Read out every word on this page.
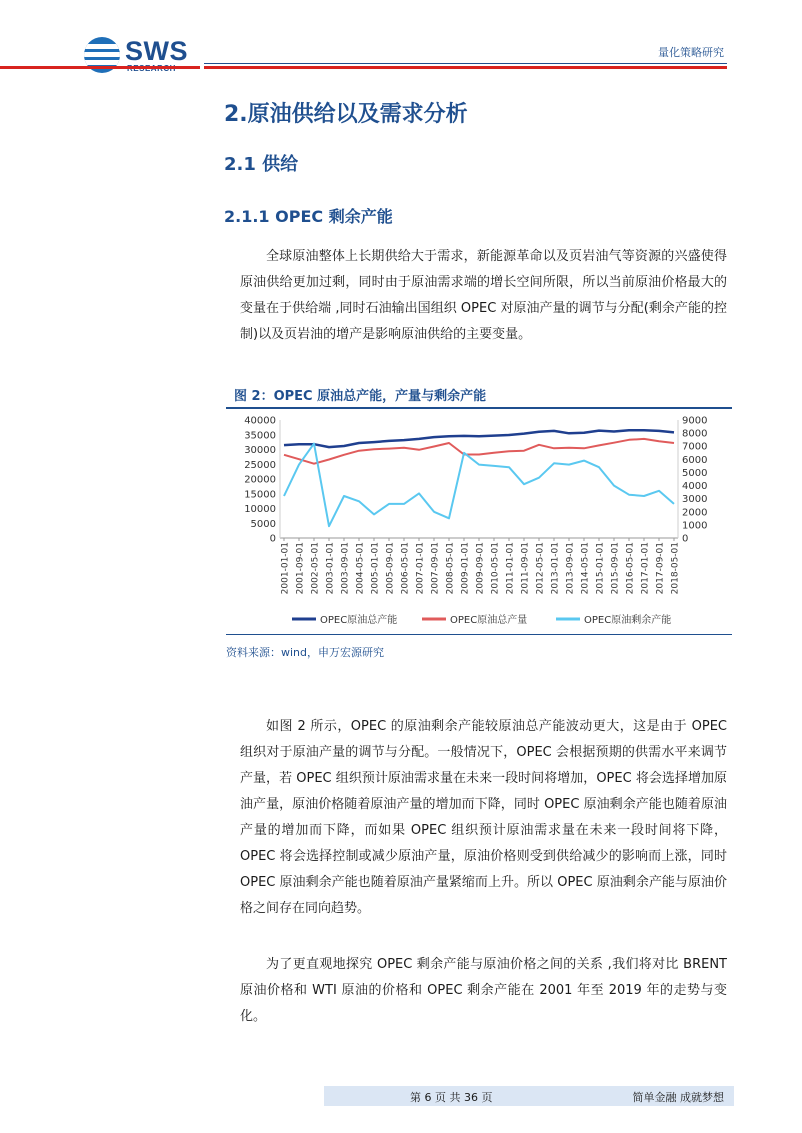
SWS	量化策略研究
2.原油供给以及需求分析
2.1 供给
2.1.1 OPEC 剩余产能

全球原油整体上长期供给大于需求，新能源革命以及页岩油气等资源的兴盛使得原油供给更加过剩，同时由于原油需求端的增长空间所限，所以当前原油价格最大的变量在于供给端 ,同时石油输出国组织 OPEC 对原油产量的调节与分配(剩余产能的控制)以及页岩油的增产是影响原油供给的主要变量。

图 2：OPEC 原油总产能，产量与剩余产能
0
5000
10000
15000
20000
25000
30000
35000
40000
0
1000
2000
3000
4000
5000
6000
7000
8000
9000
2001-01-01 2001-09-01 2002-05-01 2003-01-01 2003-09-01 2004-05-01 2005-01-01 2005-09-01 2006-05-01 2007-01-01 2007-09-01 2008-05-01 2009-01-01 2009-09-01 2010-05-01 2011-01-01 2011-09-01 2012-05-01 2013-01-01 2013-09-01 2014-05-01 2015-01-01 2015-09-01 2016-05-01 2017-01-01 2017-09-01 2018-05-01
OPEC原油总产能	OPEC原油总产量	OPEC原油剩余产能
资料来源：wind，申万宏源研究

如图 2 所示，OPEC 的原油剩余产能较原油总产能波动更大，这是由于 OPEC 组织对于原油产量的调节与分配。一般情况下，OPEC 会根据预期的供需水平来调节产量，若 OPEC 组织预计原油需求量在未来一段时间将增加，OPEC 将会选择增加原油产量，原油价格随着原油产量的增加而下降，同时 OPEC 原油剩余产能也随着原油产量的增加而下降，而如果 OPEC 组织预计原油需求量在未来一段时间将下降，OPEC 将会选择控制或减少原油产量，原油价格则受到供给减少的影响而上涨，同时 OPEC 原油剩余产能也随着原油产量紧缩而上升。所以 OPEC 原油剩余产能与原油价格之间存在同向趋势。

为了更直观地探究 OPEC 剩余产能与原油价格之间的关系 ,我们将对比 BRENT 原油价格和 WTI 原油的价格和 OPEC 剩余产能在 2001 年至 2019 年的走势与变化。

第 6 页 共 36 页	简单金融 成就梦想
